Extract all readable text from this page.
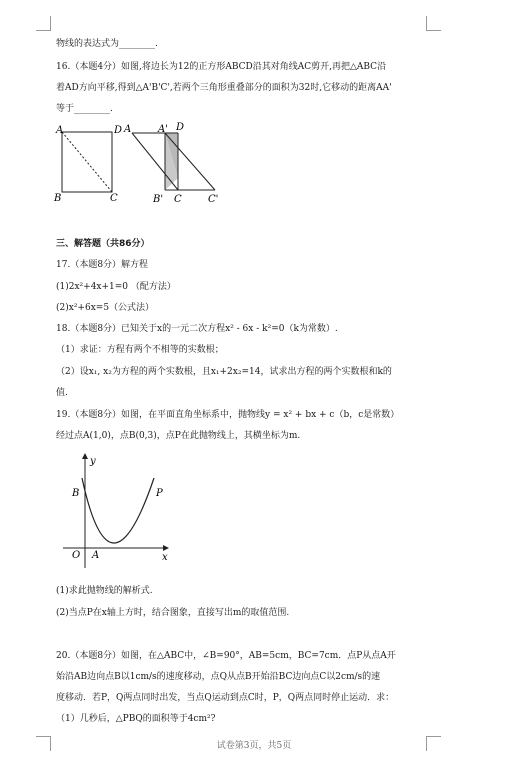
物线的表达式为________.
16.（本题4分）如图,将边长为12的正方形ABCD沿其对角线AC剪开,再把△ABC沿
着AD方向平移,得到△A'B'C',若两个三角形重叠部分的面积为32时,它移动的距离AA'
等于________.
A	D
B	C
A	A' D
B' C	C'
三、解答题（共86分）
17.（本题8分）解方程
(1)2x²+4x+1=0 （配方法）
(2)x²+6x=5（公式法）
18.（本题8分）已知关于x的一元二次方程x² - 6x - k²=0（k为常数）.
（1）求证：方程有两个不相等的实数根；
（2）设x₁, x₂为方程的两个实数根，且x₁+2x₂=14，试求出方程的两个实数根和k的
值.
19.（本题8分）如图，在平面直角坐标系中，抛物线y = x² + bx + c（b，c是常数）
经过点A(1,0)，点B(0,3)，点P在此抛物线上，其横坐标为m.
y
x
O A
B	P
(1)求此抛物线的解析式.
(2)当点P在x轴上方时，结合图象，直接写出m的取值范围.
20.（本题8分）如图，在△ABC中，∠B=90°，AB=5cm，BC=7cm．点P从点A开
始沿AB边向点B以1cm/s的速度移动，点Q从点B开始沿BC边向点C以2cm/s的速
度移动．若P，Q两点同时出发，当点Q运动到点C时，P，Q两点同时停止运动．求：
（1）几秒后，△PBQ的面积等于4cm²?
试卷第3页，共5页
